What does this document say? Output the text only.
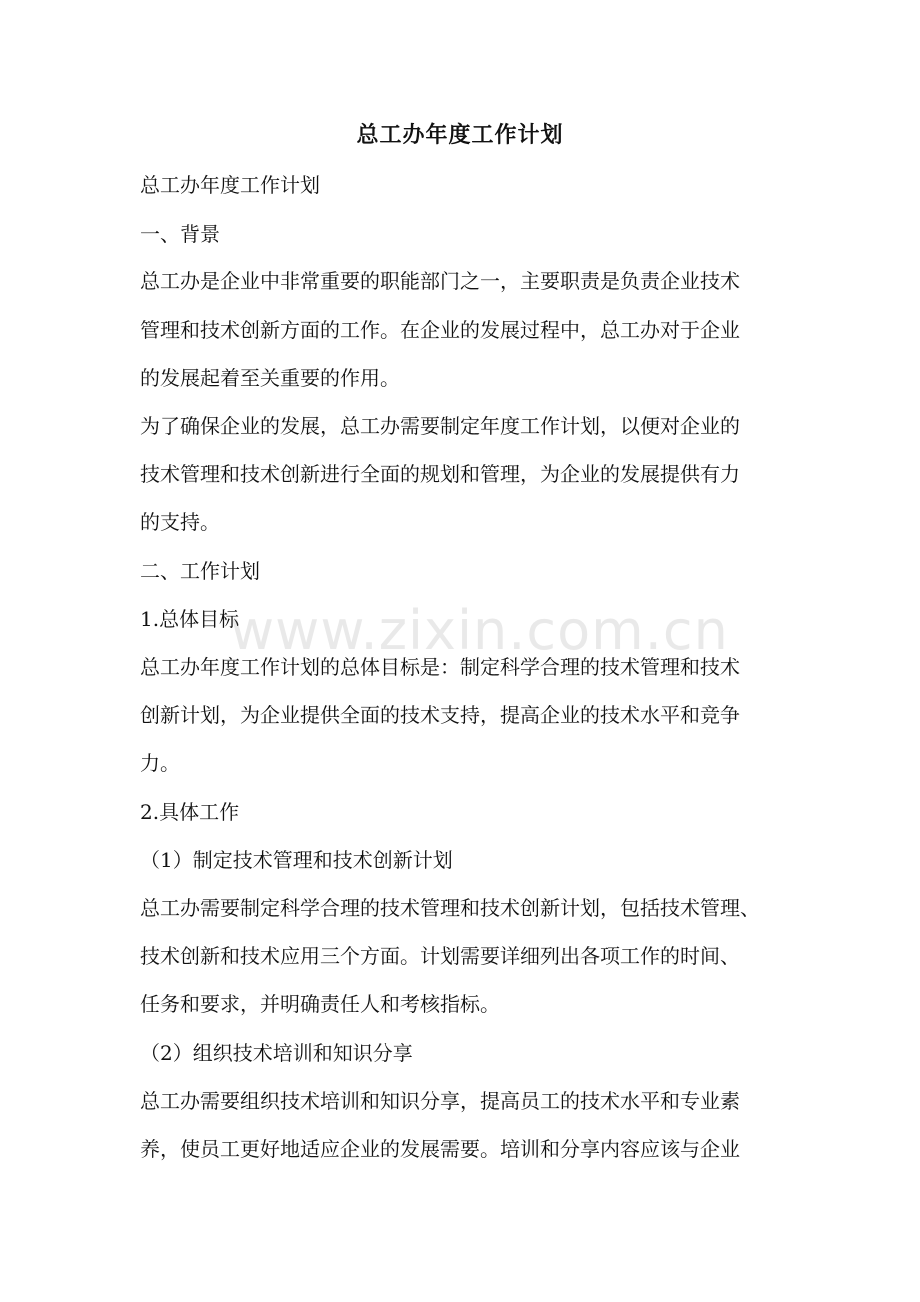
总工办年度工作计划
总工办年度工作计划
一、背景
总工办是企业中非常重要的职能部门之一，主要职责是负责企业技术
管理和技术创新方面的工作。在企业的发展过程中，总工办对于企业
的发展起着至关重要的作用。
为了确保企业的发展，总工办需要制定年度工作计划，以便对企业的
技术管理和技术创新进行全面的规划和管理，为企业的发展提供有力
的支持。
二、工作计划
1.总体目标
总工办年度工作计划的总体目标是：制定科学合理的技术管理和技术
创新计划，为企业提供全面的技术支持，提高企业的技术水平和竞争
力。
2.具体工作
（1）制定技术管理和技术创新计划
总工办需要制定科学合理的技术管理和技术创新计划，包括技术管理、
技术创新和技术应用三个方面。计划需要详细列出各项工作的时间、
任务和要求，并明确责任人和考核指标。
（2）组织技术培训和知识分享
总工办需要组织技术培训和知识分享，提高员工的技术水平和专业素
养，使员工更好地适应企业的发展需要。培训和分享内容应该与企业
www.zixin.com.cn
